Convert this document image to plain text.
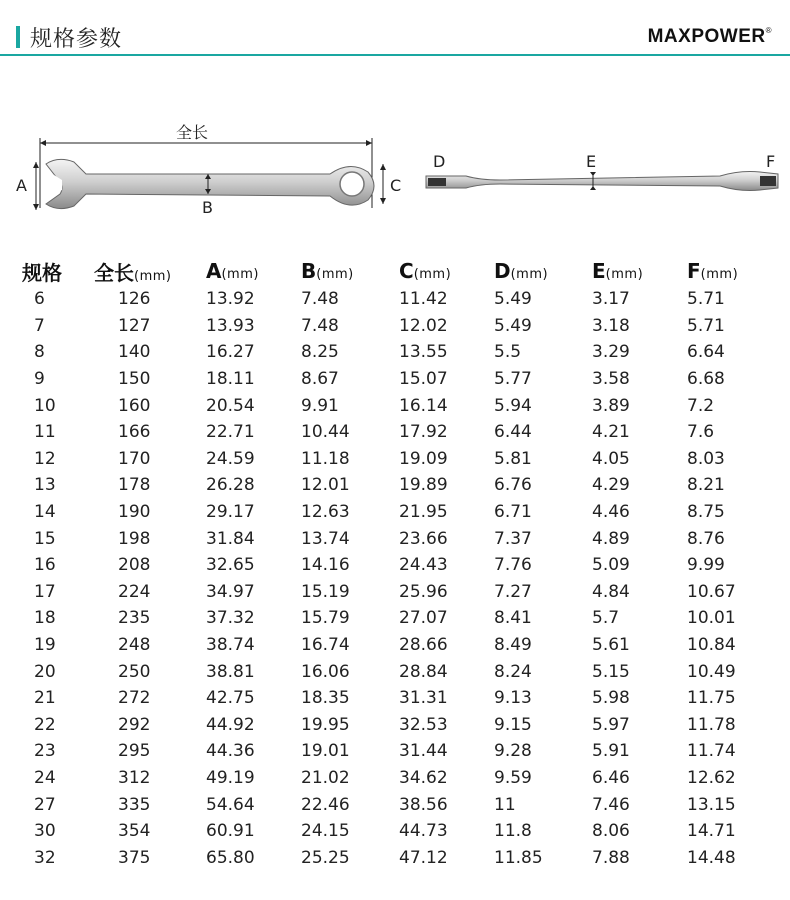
规格参数	MAXPOWER®
全长
A
B
C
D	E	F
规格	全长(mm)	A(mm)	B(mm)	C(mm)	D(mm)	E(mm)	F(mm)
6	126	13.92	7.48	11.42	5.49	3.17	5.71
7	127	13.93	7.48	12.02	5.49	3.18	5.71
8	140	16.27	8.25	13.55	5.5	3.29	6.64
9	150	18.11	8.67	15.07	5.77	3.58	6.68
10	160	20.54	9.91	16.14	5.94	3.89	7.2
11	166	22.71	10.44	17.92	6.44	4.21	7.6
12	170	24.59	11.18	19.09	5.81	4.05	8.03
13	178	26.28	12.01	19.89	6.76	4.29	8.21
14	190	29.17	12.63	21.95	6.71	4.46	8.75
15	198	31.84	13.74	23.66	7.37	4.89	8.76
16	208	32.65	14.16	24.43	7.76	5.09	9.99
17	224	34.97	15.19	25.96	7.27	4.84	10.67
18	235	37.32	15.79	27.07	8.41	5.7	10.01
19	248	38.74	16.74	28.66	8.49	5.61	10.84
20	250	38.81	16.06	28.84	8.24	5.15	10.49
21	272	42.75	18.35	31.31	9.13	5.98	11.75
22	292	44.92	19.95	32.53	9.15	5.97	11.78
23	295	44.36	19.01	31.44	9.28	5.91	11.74
24	312	49.19	21.02	34.62	9.59	6.46	12.62
27	335	54.64	22.46	38.56	11	7.46	13.15
30	354	60.91	24.15	44.73	11.8	8.06	14.71
32	375	65.80	25.25	47.12	11.85	7.88	14.48
